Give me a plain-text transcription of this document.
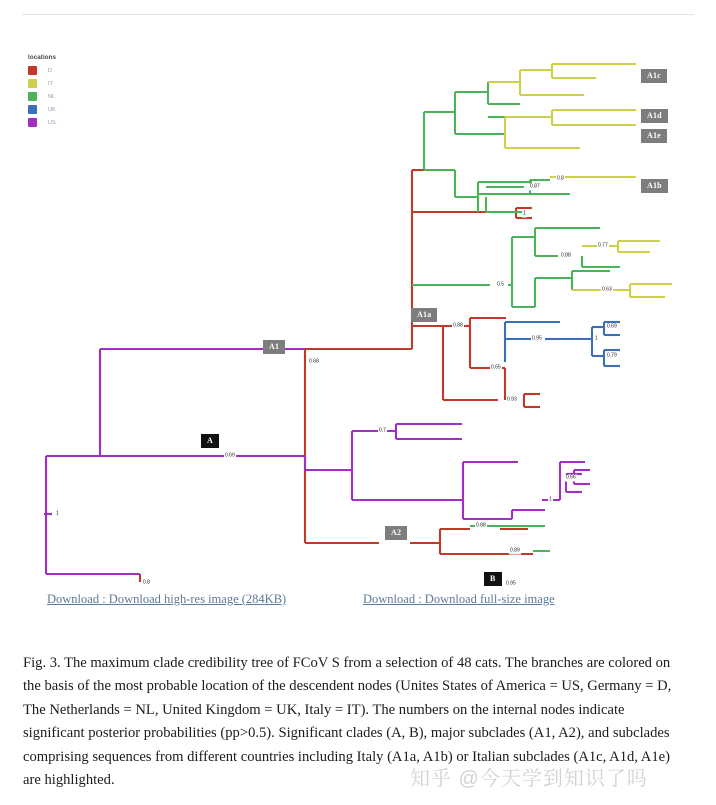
locations
D
IT
NL
UK
US
0.87
0.8
1
0.77
0.88
0.5
0.63
0.88
0.95
0.69
1
0.65
0.79
0.93
0.7
0.68
0.69
0.66
1
1
0.88
0.89
0.8	0.95
A1c
A1d
A1e
A1b
A1a
A1
A
A2
B
Download : Download high-res image (284KB)	Download : Download full-size image
Fig. 3. The maximum clade credibility tree of FCoV S from a selection of 48 cats. The branches are colored on the basis of the most probable location of the descendent nodes (Unites States of America = US, Germany = D, The Netherlands = NL, United Kingdom = UK, Italy = IT). The numbers on the internal nodes indicate significant posterior probabilities (pp>0.5). Significant clades (A, B), major subclades (A1, A2), and subclades comprising sequences from different countries including Italy (A1a, A1b) or Italian subclades (A1c, A1d, A1e) are highlighted.	知乎 @今天学到知识了吗
